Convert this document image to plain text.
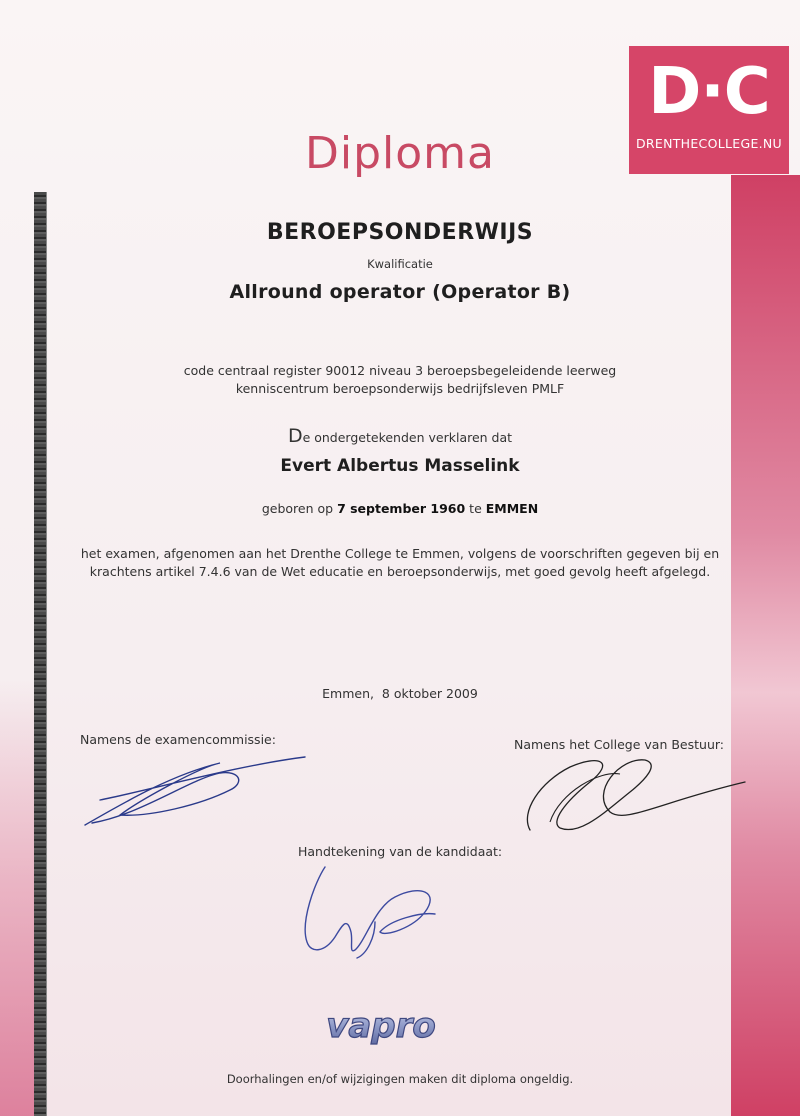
D·C
DRENTHECOLLEGE.NU
Diploma
BEROEPSONDERWIJS
Kwalificatie
Allround operator (Operator B)
code centraal register 90012 niveau 3 beroepsbegeleidende leerweg
kenniscentrum beroepsonderwijs bedrijfsleven PMLF
De ondergetekenden verklaren dat
Evert Albertus Masselink
geboren op 7 september 1960 te EMMEN
het examen, afgenomen aan het Drenthe College te Emmen, volgens de voorschriften gegeven bij en
krachtens artikel 7.4.6 van de Wet educatie en beroepsonderwijs, met goed gevolg heeft afgelegd.
Emmen,  8 oktober 2009
Namens de examencommissie:	Namens het College van Bestuur:
Handtekening van de kandidaat:
vapro
Doorhalingen en/of wijzigingen maken dit diploma ongeldig.
